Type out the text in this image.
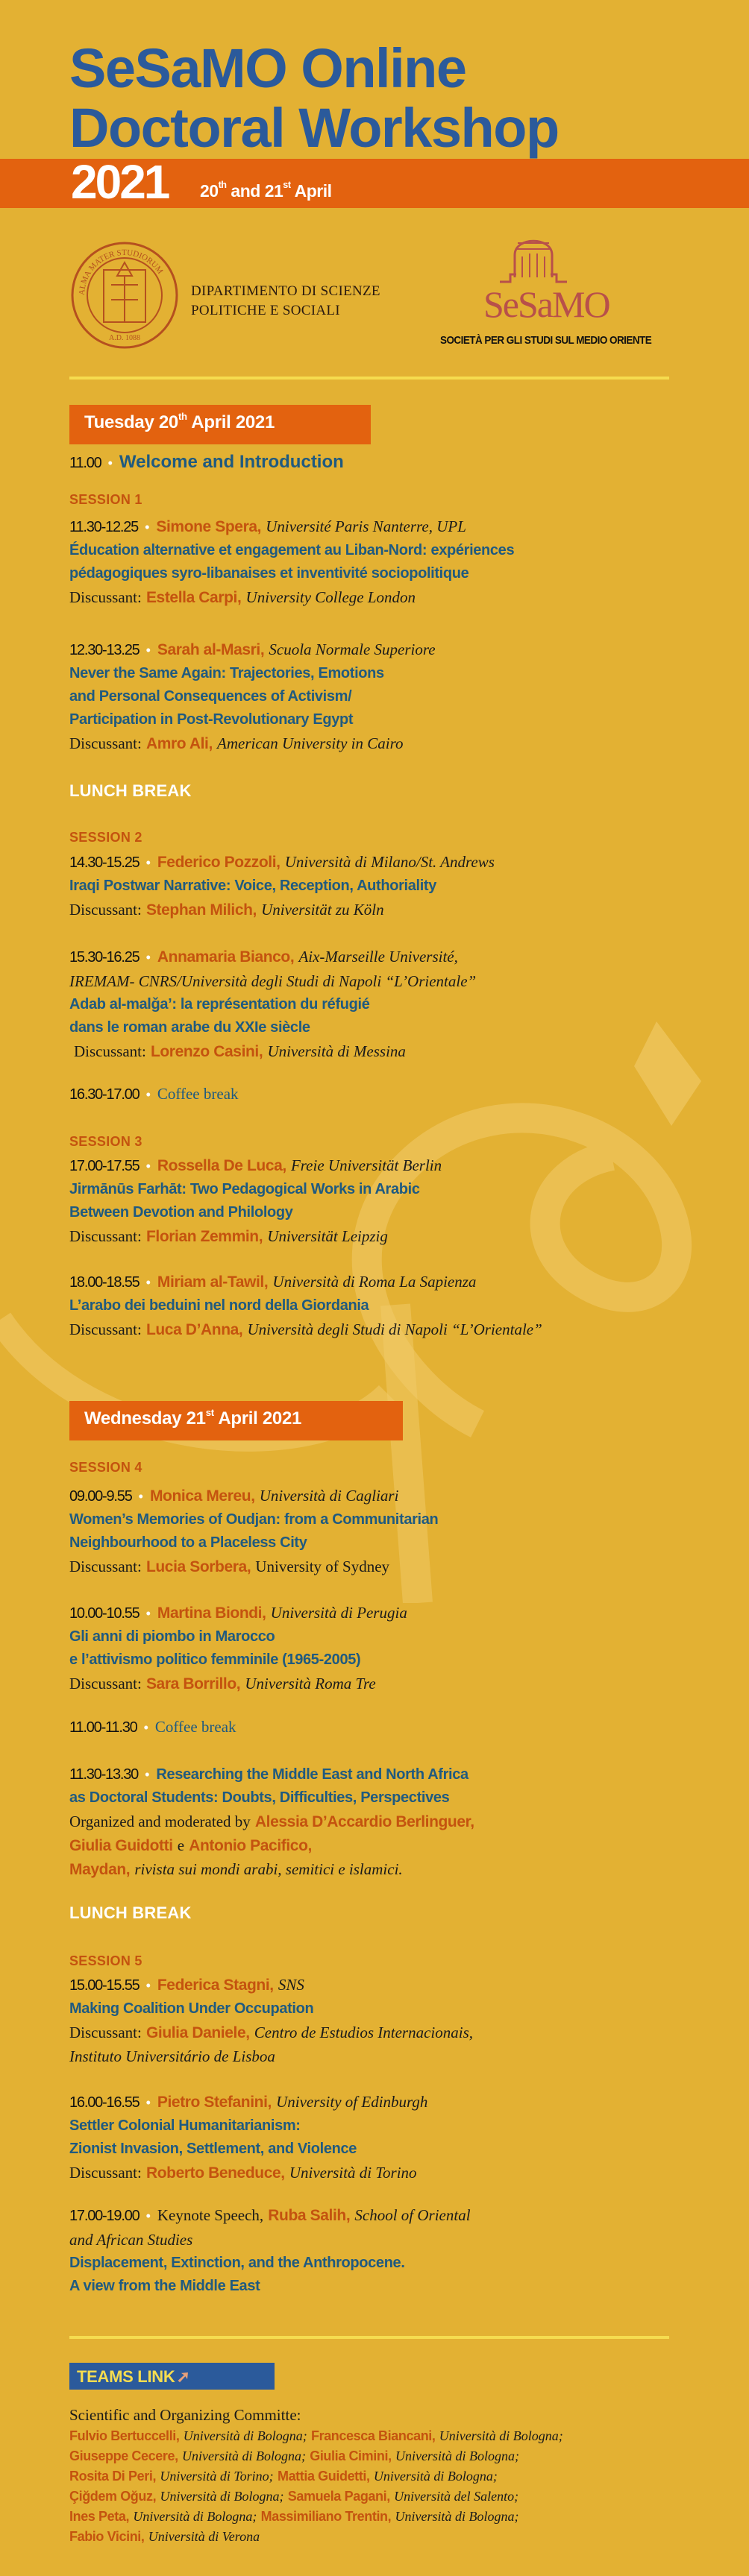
SeSaMO Online
Doctoral Workshop
2021 20th and 21st April
ALMA MATER STUDIORUM
A.D. 1088
DIPARTIMENTO DI SCIENZE
POLITICHE E SOCIALI	SeSaMO
SOCIETÀ PER GLI STUDI SUL MEDIO ORIENTE
Tuesday 20th April 2021
11.00 • Welcome and Introduction
SESSION 1
11.30-12.25 • Simone Spera , Université Paris Nanterre, UPL
Éducation alternative et engagement au Liban-Nord: expériences
pédagogiques syro-libanaises et inventivité sociopolitique
Discussant: Estella Carpi , University College London
12.30-13.25 • Sarah al-Masri , Scuola Normale Superiore
Never the Same Again: Trajectories, Emotions
and Personal Consequences of Activism/
Participation in Post-Revolutionary Egypt
Discussant: Amro Ali , American University in Cairo
LUNCH BREAK
SESSION 2
14.30-15.25 • Federico Pozzoli , Università di Milano/St. Andrews
Iraqi Postwar Narrative: Voice, Reception, Authoriality
Discussant: Stephan Milich , Universität zu Köln
15.30-16.25 • Annamaria Bianco , Aix-Marseille Université,
IREMAM- CNRS/Università degli Studi di Napoli “L’Orientale”
Adab al-malǧa’: la représentation du réfugié
dans le roman arabe du XXIe siècle
Discussant: Lorenzo Casini , Università di Messina
16.30-17.00 • Coffee break
SESSION 3
17.00-17.55 • Rossella De Luca , Freie Universität Berlin
Jirmānūs Farhāt: Two Pedagogical Works in Arabic
Between Devotion and Philology
Discussant: Florian Zemmin , Universität Leipzig
18.00-18.55 • Miriam al-Tawil , Università di Roma La Sapienza
L’arabo dei beduini nel nord della Giordania
Discussant: Luca D’Anna , Università degli Studi di Napoli “L’Orientale”
Wednesday 21st April 2021
SESSION 4
09.00-9.55 • Monica Mereu , Università di Cagliari
Women’s Memories of Oudjan: from a Communitarian
Neighbourhood to a Placeless City
Discussant: Lucia Sorbera , University of Sydney
10.00-10.55 • Martina Biondi , Università di Perugia
Gli anni di piombo in Marocco
e l’attivismo politico femminile (1965-2005)
Discussant: Sara Borrillo , Università Roma Tre
11.00-11.30 • Coffee break
11.30-13.30 • Researching the Middle East and North Africa
as Doctoral Students: Doubts, Difficulties, Perspectives
Organized and moderated by Alessia D’Accardio Berlinguer ,
Giulia Guidotti e Antonio Pacifico ,
Maydan , rivista sui mondi arabi, semitici e islamici.
LUNCH BREAK
SESSION 5
15.00-15.55 • Federica Stagni , SNS
Making Coalition Under Occupation
Discussant: Giulia Daniele , Centro de Estudios Internacionais,
Instituto Universitário de Lisboa
16.00-16.55 • Pietro Stefanini , University of Edinburgh
Settler Colonial Humanitarianism:
Zionist Invasion, Settlement, and Violence
Discussant: Roberto Beneduce , Università di Torino
17.00-19.00 • Keynote Speech, Ruba Salih , School of Oriental
and African Studies
Displacement, Extinction, and the Anthropocene.
A view from the Middle East
TEAMS LINK➚
Scientific and Organizing Committe:
Fulvio Bertuccelli , Università di Bologna; Francesca Biancani , Università di Bologna;
Giuseppe Cecere , Università di Bologna; Giulia Cimini , Università di Bologna;
Rosita Di Peri , Università di Torino; Mattia Guidetti , Università di Bologna;
Çiğdem Oğuz , Università di Bologna; Samuela Pagani , Università del Salento;
Ines Peta , Università di Bologna; Massimiliano Trentin , Università di Bologna;
Fabio Vicini , Università di Verona
